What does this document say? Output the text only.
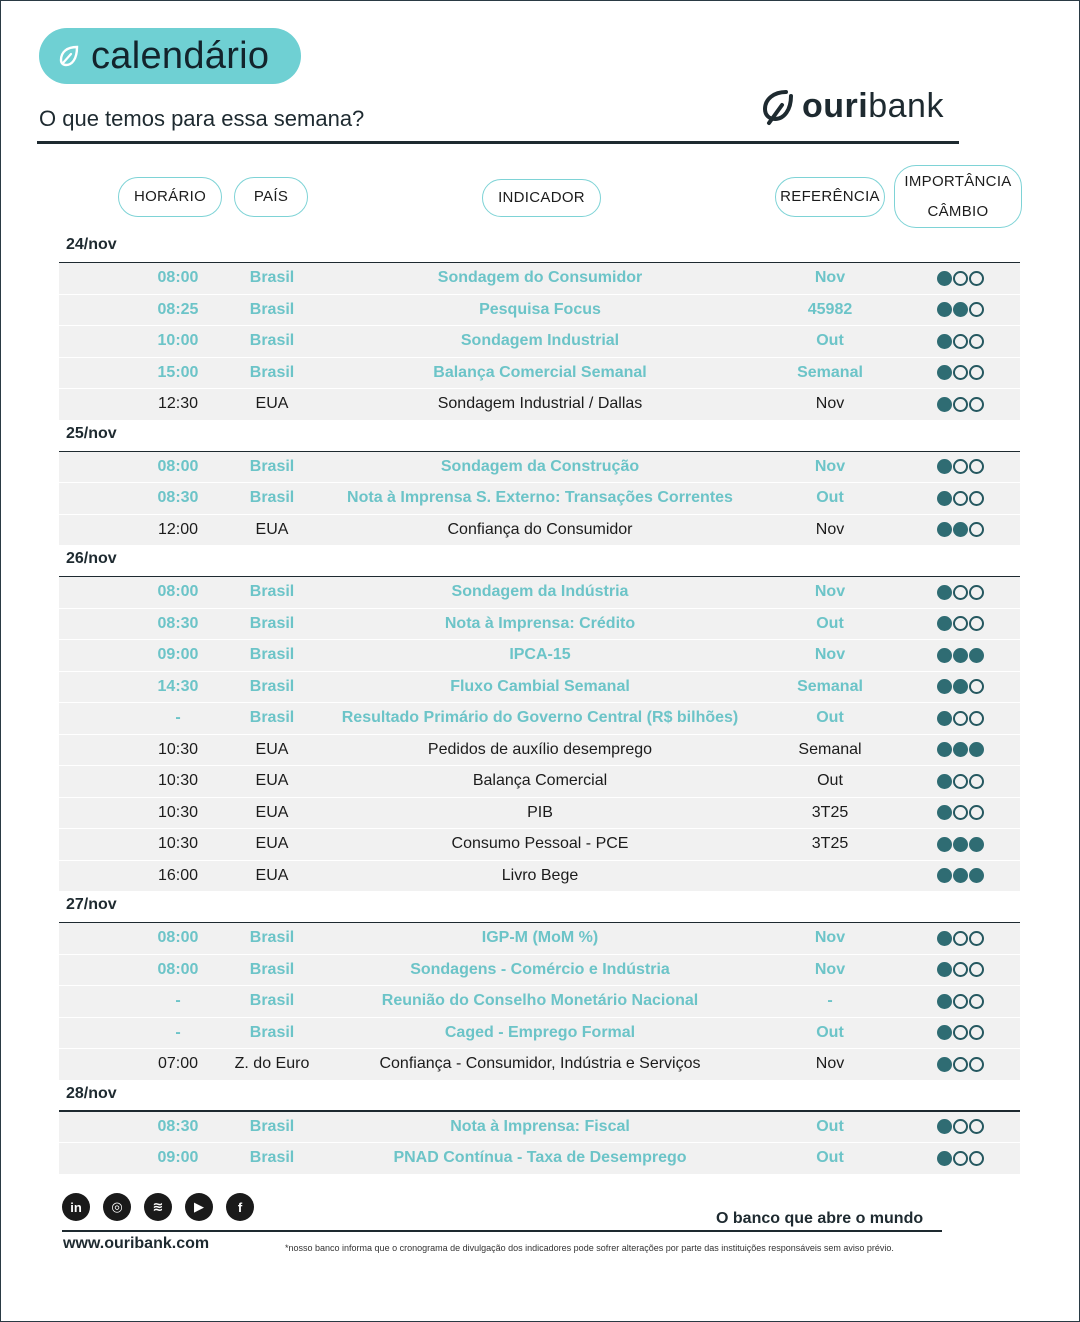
calendário
O que temos para essa semana?	ouribank
HORÁRIO	PAÍS	INDICADOR	REFERÊNCIA
IMPORTÂNCIA
CÂMBIO
24/nov
08:00	Brasil	Sondagem do Consumidor	Nov
08:25	Brasil	Pesquisa Focus	45982
10:00	Brasil	Sondagem Industrial	Out
15:00	Brasil	Balança Comercial Semanal	Semanal
12:30	EUA	Sondagem Industrial / Dallas	Nov
25/nov
08:00	Brasil	Sondagem da Construção	Nov
08:30	Brasil	Nota à Imprensa S. Externo: Transações Correntes	Out
12:00	EUA	Confiança do Consumidor	Nov
26/nov
08:00	Brasil	Sondagem da Indústria	Nov
08:30	Brasil	Nota à Imprensa: Crédito	Out
09:00	Brasil	IPCA-15	Nov
14:30	Brasil	Fluxo Cambial Semanal	Semanal
-	Brasil	Resultado Primário do Governo Central (R$ bilhões)	Out
10:30	EUA	Pedidos de auxílio desemprego	Semanal
10:30	EUA	Balança Comercial	Out
10:30	EUA	PIB	3T25
10:30	EUA	Consumo Pessoal - PCE	3T25
16:00	EUA	Livro Bege
27/nov
08:00	Brasil	IGP-M (MoM %)	Nov
08:00	Brasil	Sondagens - Comércio e Indústria	Nov
-	Brasil	Reunião do Conselho Monetário Nacional	-
-	Brasil	Caged - Emprego Formal	Out
07:00	Z. do Euro	Confiança - Consumidor, Indústria e Serviços	Nov
28/nov
08:30	Brasil	Nota à Imprensa: Fiscal	Out
09:00	Brasil	PNAD Contínua - Taxa de Desemprego	Out
in	◎	≋	▶	f
O banco que abre o mundo
www.ouribank.com	*nosso banco informa que o cronograma de divulgação dos indicadores pode sofrer alterações por parte das instituições responsáveis sem aviso prévio.
